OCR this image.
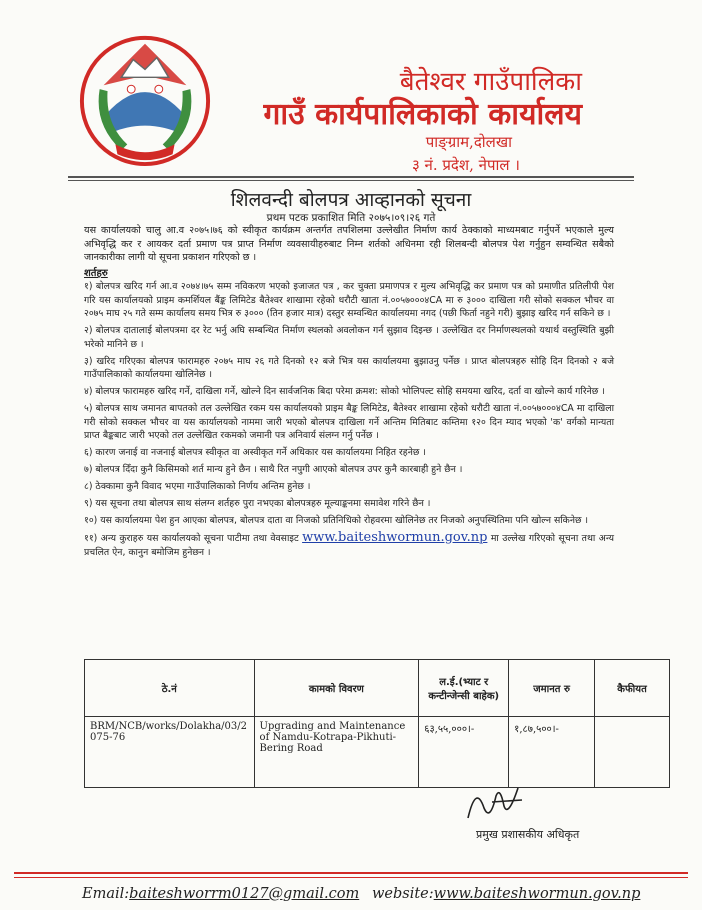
बैतेश्वर गाउँपालिका
गाउँ कार्यपालिकाको कार्यालय
पाङ्ग्राम,दोलखा
३ नं. प्रदेश, नेपाल ।
शिलवन्दी बोलपत्र आव्हानको सूचना
प्रथम पटक प्रकाशित मिति २०७५।०९।२६ गते
यस कार्यालयको चालु आ.व २०७५।७६ को स्वीकृत कार्यक्रम अन्तर्गत तपशिलमा उल्लेखीत निर्माण कार्य ठेक्काको माध्यमबाट गर्नुपर्ने भएकाले मुल्य अभिवृद्धि कर र आयकर दर्ता प्रमाण पत्र प्राप्त निर्माण व्यवसायीहरुबाट निम्न शर्तको अधिनमा रही शिलबन्दी बोलपत्र पेश गर्नुहुन सम्वन्धित सबैको जानकारीका लागी यो सूचना प्रकाशन गरिएको छ ।
शर्तहरु
१) बोलपत्र खरिद गर्न आ.व २०७४।७५ सम्म नविकरण भएको इजाजत पत्र , कर चुक्ता प्रमाणपत्र र मुल्य अभिवृद्धि कर प्रमाण पत्र को प्रमाणीत प्रतिलीपी पेश गरि यस कार्यालयको प्राइम कमर्शियल बैंङ्क लिमिटेड बैतेश्वर शाखामा रहेको धरौटी खाता नं.००५७०००४CA मा रु ३००० दाखिला गरी सोको सक्कल भौचर वा २०७५ माघ २५ गते सम्म कार्यालय समय भित्र रु ३००० (तिन हजार मात्र) दस्तुर सम्वन्धित कार्यालयमा नगद (पछी फिर्ता नहुने गरी) बुझाइ खरिद गर्न सकिने छ ।
२) बोलपत्र दातालाई बोलपत्रमा दर रेट भर्नु अघि सम्बन्धित निर्माण स्थलको अवलोकन गर्न सुझाव दिइन्छ । उल्लेखित दर निर्माणस्थलको यथार्थ वस्तुस्थिति बुझी भरेको मानिने छ ।
३) खरिद गरिएका बोलपत्र फारामहरु २०७५ माघ २६ गते दिनको १२ बजे भित्र यस कार्यालयमा बुझाउनु पर्नेछ । प्राप्त बोलपत्रहरु सोहि दिन दिनको २ बजे गाउँपालिकाको कार्यालयमा खोलिनेछ ।
४) बोलपत्र फारामहरु खरिद गर्ने, दाखिला गर्ने, खोल्ने दिन सार्वजनिक बिदा परेमा क्रमश: सोको भोलिपल्ट सोहि समयमा खरिद, दर्ता वा खोल्ने कार्य गरिनेछ ।
५) बोलपत्र साथ जमानत बापतको तल उल्लेखित रकम यस कार्यालयको प्राइम बैङ्क लिमिटेड, बैतेश्वर शाखामा रहेको धरौटी खाता नं.००५७०००४CA मा दाखिला गरी सोको सक्कल भौचर वा यस कार्यालयको नाममा जारी भएको बोलपत्र दाखिला गर्ने अन्तिम मितिबाट कम्तिमा १२० दिन म्याद भएको 'क' वर्गको मान्यता प्राप्त बैङ्कबाट जारी भएको तल उल्लेखित रकमको जमानी पत्र अनिवार्य संलग्न गर्नु पर्नेछ ।
६) कारण जनाई वा नजनाई बोलपत्र स्वीकृत वा अस्वीकृत गर्ने अधिकार यस कार्यालयमा निहित रहनेछ ।
७) बोलपत्र दिँदा कुनै किसिमको शर्त मान्य हुने छैन । साथै रित नपुगी आएको बोलपत्र उपर कुनै कारबाही हुने छैन ।
८) ठेक्कामा कुनै विवाद भएमा गाउँपालिकाको निर्णय अन्तिम हुनेछ ।
९) यस सूचना तथा बोलपत्र साथ संलग्न शर्तहरु पुरा नभएका बोलपत्रहरु मूल्याङ्कनमा समावेश गरिने छैन ।
१०) यस कार्यालयमा पेश हुन आएका बोलपत्र, बोलपत्र दाता वा निजको प्रतिनिधिको रोहवरमा खोलिनेछ तर निजको अनुपस्थितिमा पनि खोल्न सकिनेछ ।
११) अन्य कुराहरु यस कार्यालयको सूचना पाटीमा तथा वेवसाइट www.baiteshwormun.gov.np मा उल्लेख गरिएको सूचना तथा अन्य प्रचलित ऐन, कानुन बमोजिम हुनेछन ।
ठे.नं	कामको विवरण	ल.ई.(भ्याट र कन्टीन्जेन्सी बाहेक)	जमानत रु	कैफीयत
BRM/NCB/works/Dolakha/03/2075-76	Upgrading and Maintenance of Namdu-Kotrapa-Pikhuti-Bering Road	६३,५५,०००।-	१,८७,५००।-	
प्रमुख प्रशासकीय अधिकृत
Email:baiteshworrm0127@gmail.com website:www.baiteshwormun.gov.np
